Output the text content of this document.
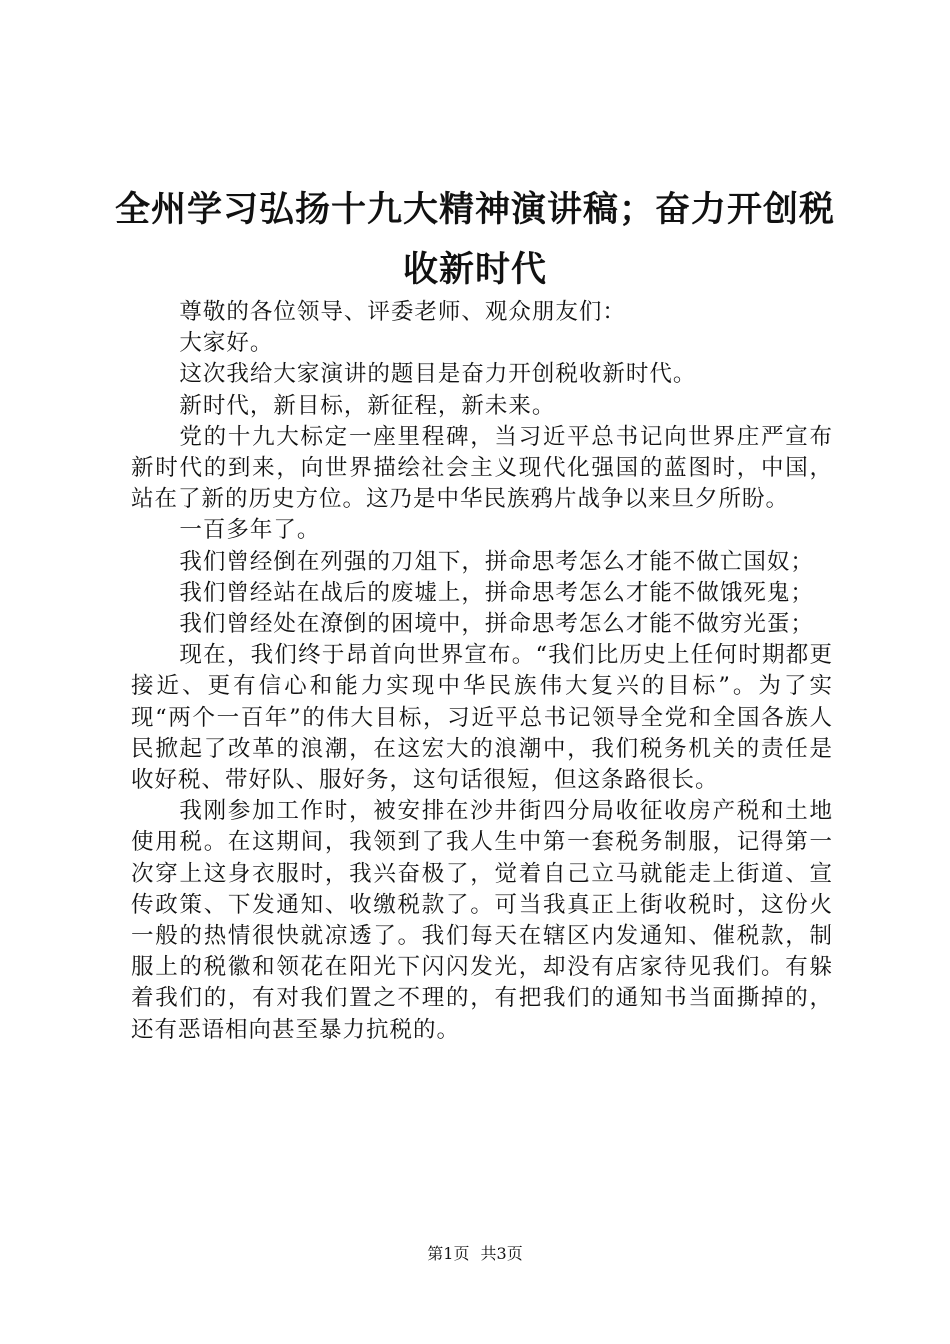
全州学习弘扬十九大精神演讲稿；奋力开创税收新时代

尊敬的各位领导、评委老师、观众朋友们：

大家好。

这次我给大家演讲的题目是奋力开创税收新时代。

新时代，新目标，新征程，新未来。

党的十九大标定一座里程碑，当习近平总书记向世界庄严宣布新时代的到来，向世界描绘社会主义现代化强国的蓝图时，中国，站在了新的历史方位。这乃是中华民族鸦片战争以来旦夕所盼。

一百多年了。

我们曾经倒在列强的刀俎下，拼命思考怎么才能不做亡国奴；

我们曾经站在战后的废墟上，拼命思考怎么才能不做饿死鬼；

我们曾经处在潦倒的困境中，拼命思考怎么才能不做穷光蛋；

现在，我们终于昂首向世界宣布。“我们比历史上任何时期都更接近、更有信心和能力实现中华民族伟大复兴的目标”。为了实现“两个一百年”的伟大目标，习近平总书记领导全党和全国各族人民掀起了改革的浪潮，在这宏大的浪潮中，我们税务机关的责任是收好税、带好队、服好务，这句话很短，但这条路很长。

我刚参加工作时，被安排在沙井街四分局收征收房产税和土地使用税。在这期间，我领到了我人生中第一套税务制服，记得第一次穿上这身衣服时，我兴奋极了，觉着自己立马就能走上街道、宣传政策、下发通知、收缴税款了。可当我真正上街收税时，这份火一般的热情很快就凉透了。我们每天在辖区内发通知、催税款，制服上的税徽和领花在阳光下闪闪发光，却没有店家待见我们。有躲着我们的，有对我们置之不理的，有把我们的通知书当面撕掉的，还有恶语相向甚至暴力抗税的。

第1页 共3页
